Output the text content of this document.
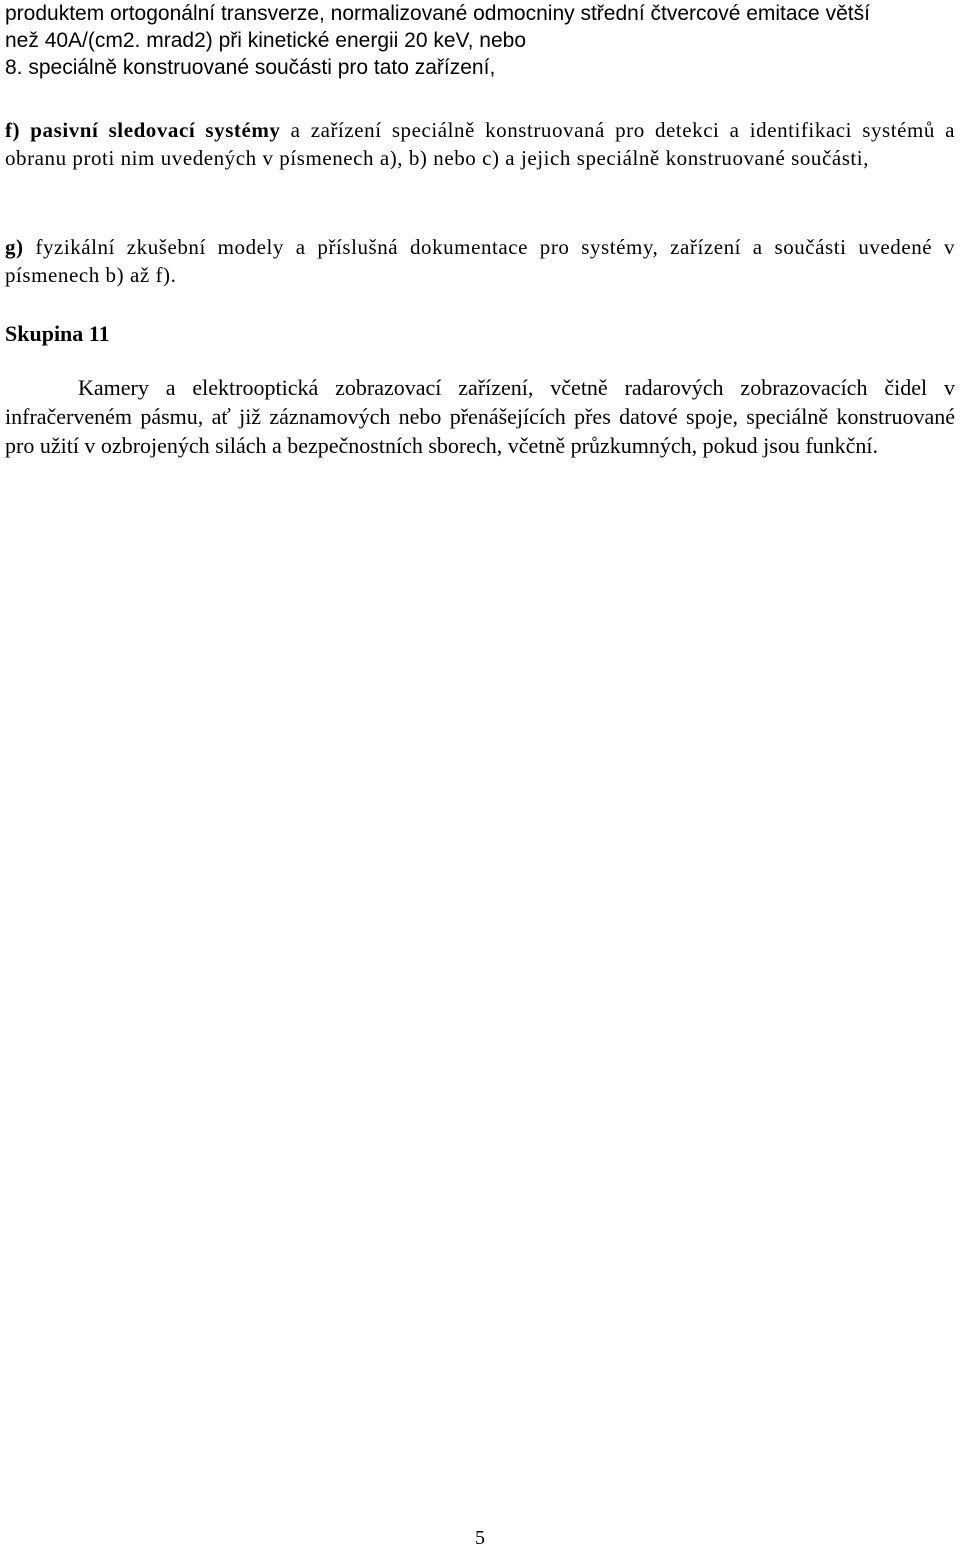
produktem ortogonální transverze, normalizované odmocniny střední čtvercové emitace větší
než 40A/(cm2. mrad2) při kinetické energii 20 keV, nebo
8. speciálně konstruované součásti pro tato zařízení,

f) pasivní sledovací systémy a zařízení speciálně konstruovaná pro detekci a identifikaci systémů a obranu proti nim uvedených v písmenech a), b) nebo c) a jejich speciálně konstruované součásti,

g) fyzikální zkušební modely a příslušná dokumentace pro systémy, zařízení a součásti uvedené v písmenech b) až f).

Skupina 11

Kamery a elektrooptická zobrazovací zařízení, včetně radarových zobrazovacích čidel v infračerveném pásmu, ať již záznamových nebo přenášejících přes datové spoje, speciálně konstruované pro užití v ozbrojených silách a bezpečnostních sborech, včetně průzkumných, pokud jsou funkční.

5
